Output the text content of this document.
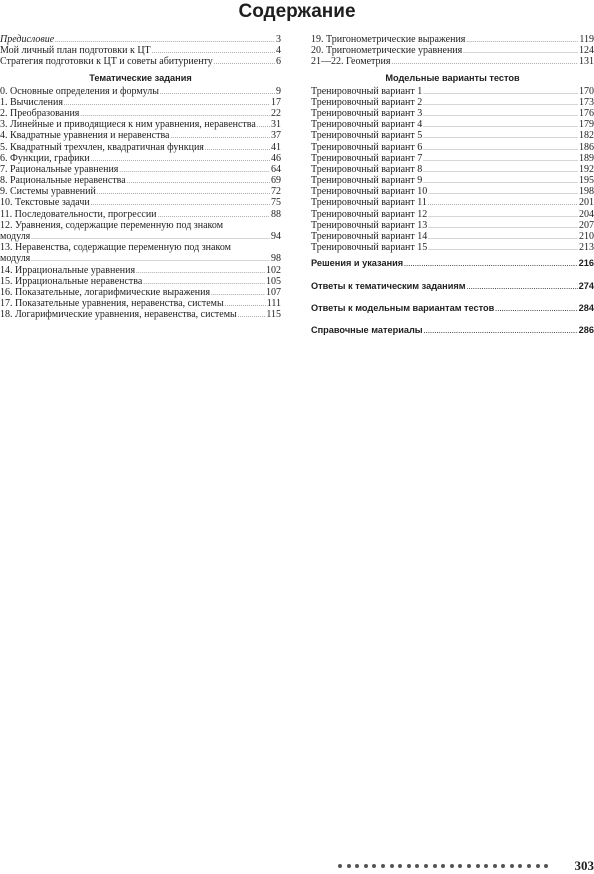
Содержание
Предисловие .....	3
Мой личный план подготовки к ЦТ .....	4
Стратегия подготовки к ЦТ и советы абитуриенту .....	6
Тематические задания
0. Основные определения и формулы .....	9
1. Вычисления .....	17
2. Преобразования .....	22
3. Линейные и приводящиеся к ним уравнения, неравенства ..... 31
4. Квадратные уравнения и неравенства .....	37
5. Квадратный трехчлен, квадратичная функция .....	41
6. Функции, графики .....	46
7. Рациональные уравнения .....	64
8. Рациональные неравенства .....	69
9. Системы уравнений .....	72
10. Текстовые задачи .....	75
11. Последовательности, прогрессии .....	88
12. Уравнения, содержащие переменную под знаком
модуля .....	94
13. Неравенства, содержащие переменную под знаком
модуля .....	98
14. Иррациональные уравнения .....	102
15. Иррациональные неравенства .....	105
16. Показательные, логарифмические выражения .....	107
17. Показательные уравнения, неравенства, системы .....	111
18. Логарифмические уравнения, неравенства, системы .....	115
19. Тригонометрические выражения .....	119
20. Тригонометрические уравнения .....	124
21—22. Геометрия .....	131
Модельные варианты тестов
Тренировочный вариант 1 .....	170
Тренировочный вариант 2 .....	173
Тренировочный вариант 3 .....	176
Тренировочный вариант 4 .....	179
Тренировочный вариант 5 .....	182
Тренировочный вариант 6 .....	186
Тренировочный вариант 7 .....	189
Тренировочный вариант 8 .....	192
Тренировочный вариант 9 .....	195
Тренировочный вариант 10 .....	198
Тренировочный вариант 11 .....	201
Тренировочный вариант 12 .....	204
Тренировочный вариант 13 .....	207
Тренировочный вариант 14 .....	210
Тренировочный вариант 15 .....	213
Решения и указания .....	216
Ответы к тематическим заданиям .....	274
Ответы к модельным вариантам тестов .....	284
Справочные материалы .....	286
303
